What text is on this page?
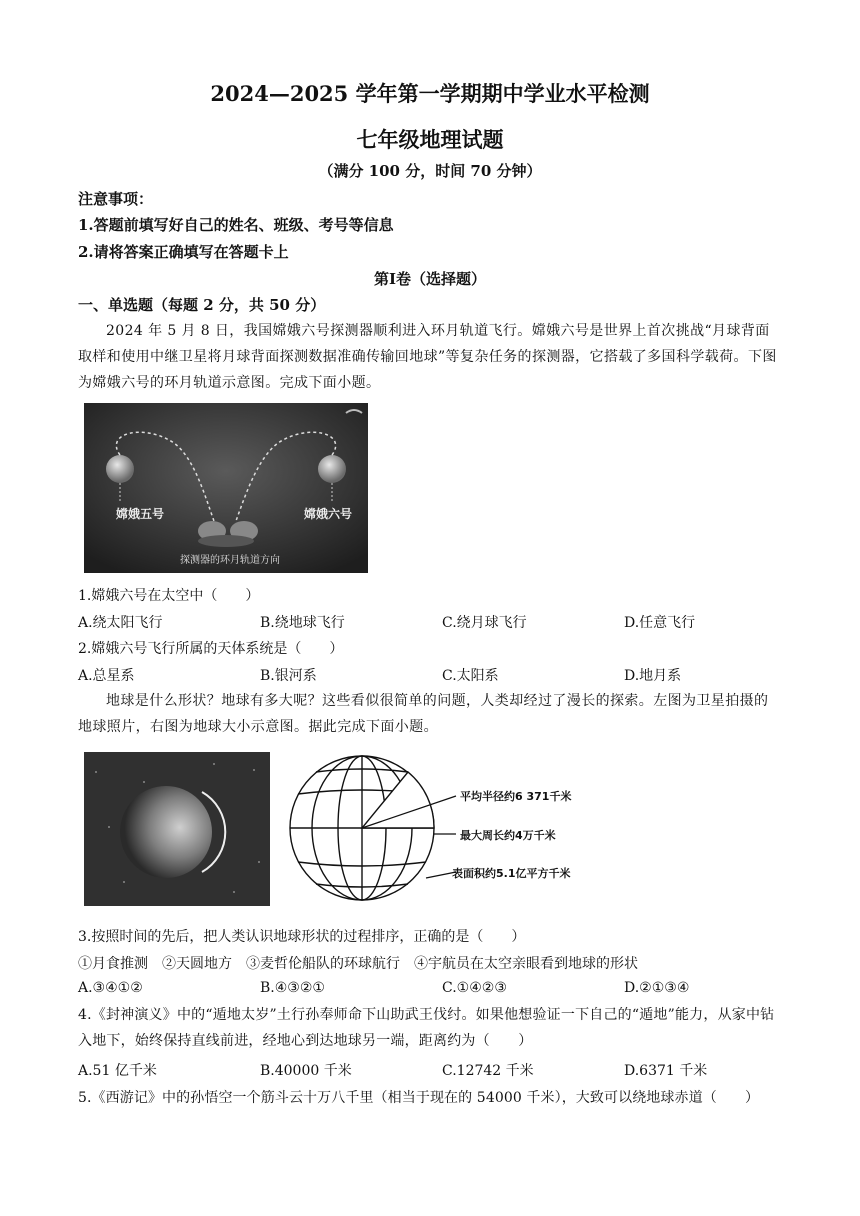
2024—2025 学年第一学期期中学业水平检测
七年级地理试题
（满分 100 分，时间 70 分钟）
注意事项：
1.答题前填写好自己的姓名、班级、考号等信息
2.请将答案正确填写在答题卡上
第Ⅰ卷（选择题）
一、单选题（每题 2 分，共 50 分）
2024 年 5 月 8 日，我国嫦娥六号探测器顺利进入环月轨道飞行。嫦娥六号是世界上首次挑战“月球背面取样和使用中继卫星将月球背面探测数据准确传输回地球”等复杂任务的探测器，它搭载了多国科学载荷。下图为嫦娥六号的环月轨道示意图。完成下面小题。
嫦娥五号	嫦娥六号
探测器的环月轨道方向
1.嫦娥六号在太空中（　　）
A.绕太阳飞行	B.绕地球飞行	C.绕月球飞行	D.任意飞行
2.嫦娥六号飞行所属的天体系统是（　　）
A.总星系	B.银河系	C.太阳系	D.地月系
地球是什么形状？地球有多大呢？这些看似很简单的问题，人类却经过了漫长的探索。左图为卫星拍摄的地球照片，右图为地球大小示意图。据此完成下面小题。
平均半径约6 371千米
最大周长约4万千米
表面积约5.1亿平方千米
3.按照时间的先后，把人类认识地球形状的过程排序，正确的是（　　）
①月食推测　②天圆地方　③麦哲伦船队的环球航行　④宇航员在太空亲眼看到地球的形状
A.③④①②	B.④③②①	C.①④②③	D.②①③④
4.《封神演义》中的“遁地太岁”土行孙奉师命下山助武王伐纣。如果他想验证一下自己的“遁地”能力，从家中钻入地下，始终保持直线前进，经地心到达地球另一端，距离约为（　　）
A.51 亿千米	B.40000 千米	C.12742 千米	D.6371 千米
5.《西游记》中的孙悟空一个筋斗云十万八千里（相当于现在的 54000 千米），大致可以绕地球赤道（　　）
